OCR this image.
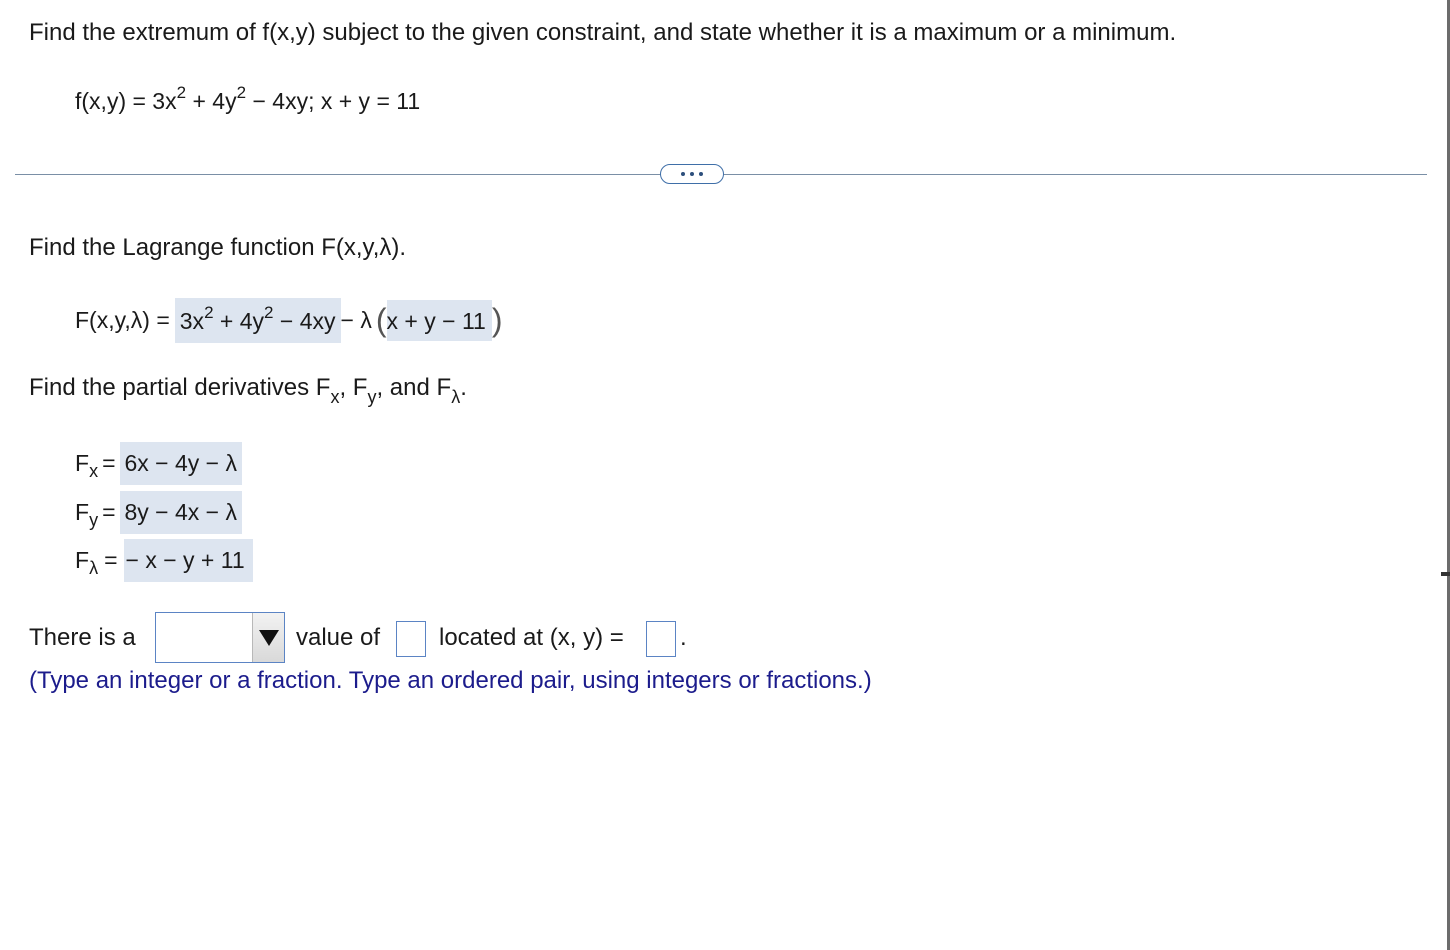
Find the extremum of f(x,y) subject to the given constraint, and state whether it is a maximum or a minimum.
$f(x,y) = 3x^2 + 4y^2 - 4xy$; x + y = 11
Find the Lagrange function F(x,y,λ).
$F(x,y,\lambda) = 3x^2 + 4y^2 - 4xy - \lambda$ ( x + y − 11 )
Find the partial derivatives $F_x$, $F_y$, and $F_\lambda$.
F x = 6x − 4y − λ
F y = 8y − 4x − λ
F λ = − x − y + 11
There is a	value of located at (x, y) = .
(Type an integer or a fraction. Type an ordered pair, using integers or fractions.)
